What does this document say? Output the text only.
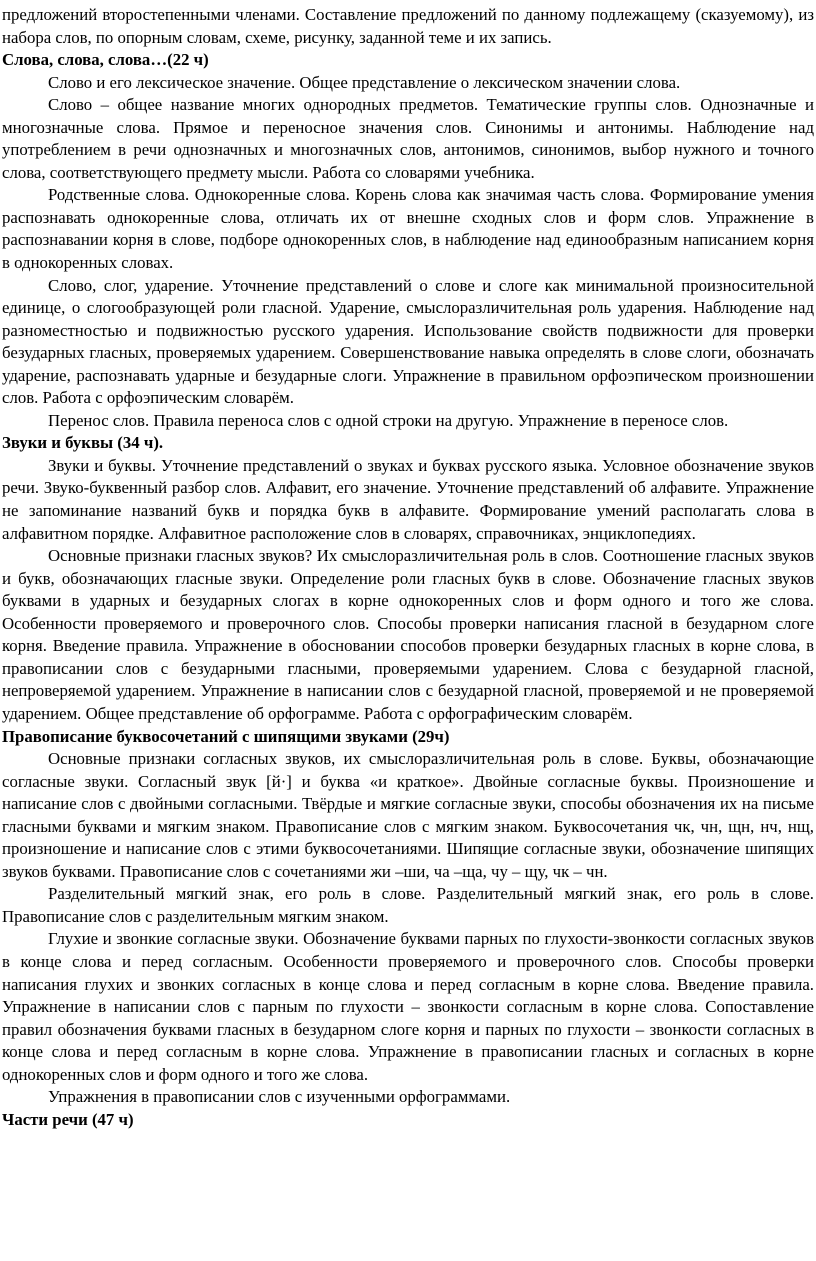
предложений второстепенными членами. Составление предложений по данному подлежащему (сказуемому), из набора слов, по опорным словам, схеме, рисунку, заданной теме и их запись.

Слова, слова, слова…(22 ч)

Слово и его лексическое значение. Общее представление о лексическом значении слова.

Слово – общее название многих однородных предметов. Тематические группы слов. Однозначные и многозначные слова. Прямое и переносное значения слов. Синонимы и антонимы. Наблюдение над употреблением в речи однозначных и многозначных слов, антонимов, синонимов, выбор нужного и точного слова, соответствующего предмету мысли. Работа со словарями учебника.

Родственные слова. Однокоренные слова. Корень слова как значимая часть слова. Формирование умения распознавать однокоренные слова, отличать их от внешне сходных слов и форм слов. Упражнение в распознавании корня в слове, подборе однокоренных слов, в наблюдение над единообразным написанием корня в однокоренных словах.

Слово, слог, ударение. Уточнение представлений о слове и слоге как минимальной произносительной единице, о слогообразующей роли гласной. Ударение, смыслоразличительная роль ударения. Наблюдение над разноместностью и подвижностью русского ударения. Использование свойств подвижности для проверки безударных гласных, проверяемых ударением. Совершенствование навыка определять в слове слоги, обозначать ударение, распознавать ударные и безударные слоги. Упражнение в правильном орфоэпическом произношении слов. Работа с орфоэпическим словарём.

Перенос слов. Правила переноса слов с одной строки на другую. Упражнение в переносе слов.

Звуки и буквы (34 ч).

Звуки и буквы. Уточнение представлений о звуках и буквах русского языка. Условное обозначение звуков речи. Звуко-буквенный разбор слов. Алфавит, его значение. Уточнение представлений об алфавите. Упражнение не запоминание названий букв и порядка букв в алфавите. Формирование умений располагать слова в алфавитном порядке. Алфавитное расположение слов в словарях, справочниках, энциклопедиях.

Основные признаки гласных звуков? Их смыслоразличительная роль в слов. Соотношение гласных звуков и букв, обозначающих гласные звуки. Определение роли гласных букв в слове. Обозначение гласных звуков буквами в ударных и безударных слогах в корне однокоренных слов и форм одного и того же слова. Особенности проверяемого и проверочного слов. Способы проверки написания гласной в безударном слоге корня. Введение правила. Упражнение в обосновании способов проверки безударных гласных в корне слова, в правописании слов с безударными гласными, проверяемыми ударением. Слова с безударной гласной, непроверяемой ударением. Упражнение в написании слов с безударной гласной, проверяемой и не проверяемой ударением. Общее представление об орфограмме. Работа с орфографическим словарём.

Правописание буквосочетаний с шипящими звуками (29ч)

Основные признаки согласных звуков, их смыслоразличительная роль в слове. Буквы, обозначающие согласные звуки. Согласный звук [й·] и буква «и краткое». Двойные согласные буквы. Произношение и написание слов с двойными согласными. Твёрдые и мягкие согласные звуки, способы обозначения их на письме гласными буквами и мягким знаком. Правописание слов с мягким знаком. Буквосочетания чк, чн, щн, нч, нщ, произношение и написание слов с этими буквосочетаниями. Шипящие согласные звуки, обозначение шипящих звуков буквами. Правописание слов с сочетаниями жи –ши, ча –ща, чу – щу, чк – чн.

Разделительный мягкий знак, его роль в слове. Разделительный мягкий знак, его роль в слове. Правописание слов с разделительным мягким знаком.

Глухие и звонкие согласные звуки. Обозначение буквами парных по глухости-звонкости согласных звуков в конце слова и перед согласным. Особенности проверяемого и проверочного слов. Способы проверки написания глухих и звонких согласных в конце слова и перед согласным в корне слова. Введение правила. Упражнение в написании слов с парным по глухости – звонкости согласным в корне слова. Сопоставление правил обозначения буквами гласных в безударном слоге корня и парных по глухости – звонкости согласных в конце слова и перед согласным в корне слова. Упражнение в правописании гласных и согласных в корне однокоренных слов и форм одного и того же слова.

Упражнения в правописании слов с изученными орфограммами.

Части речи (47 ч)
